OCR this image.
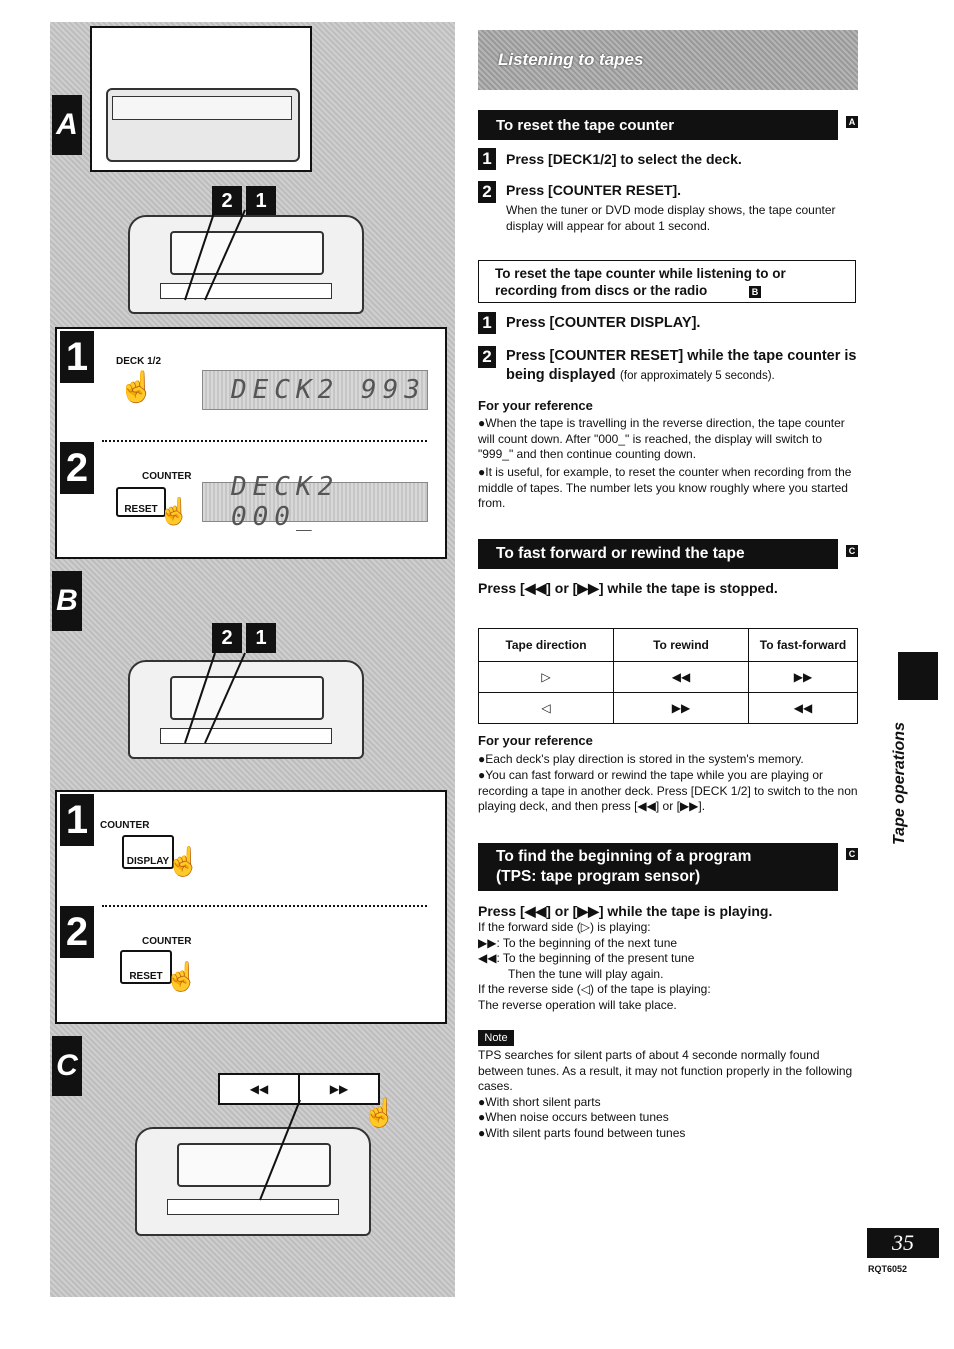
A
2	1
1	DECK 1/2
☝	DECK2 993
2	COUNTER
RESET ☝
DECK2 000_
B
2	1
1	COUNTER
DISPLAY
☝
2	COUNTER
RESET ☝
C
◀◀	▶▶
☝
Listening to tapes
To reset the tape counter	A
1	Press [DECK1/2] to select the deck.
2	Press [COUNTER RESET].
When the tuner or DVD mode display shows, the tape counter display will appear for about 1 second.
To reset the tape counter while listening to or recording from discs or the radio	B
1 Press [COUNTER DISPLAY].
2 Press [COUNTER RESET] while the tape counter is being displayed (for approximately 5 seconds).
For your reference
●When the tape is travelling in the reverse direction, the tape counter will count down. After "000_" is reached, the display will switch to "999_" and then continue counting down.
●It is useful, for example, to reset the counter when recording from the middle of tapes. The number lets you know roughly where you started from.
To fast forward or rewind the tape	C
Press [◀◀] or [▶▶] while the tape is stopped.
Tape direction	To rewind	To fast-forward
▷	◀◀	▶▶
◁	▶▶	◀◀
For your reference
●Each deck's play direction is stored in the system's memory.
●You can fast forward or rewind the tape while you are playing or recording a tape in another deck. Press [DECK 1/2] to switch to the non playing deck, and then press [◀◀] or [▶▶].
To find the beginning of a program
(TPS: tape program sensor)
C
Press [◀◀] or [▶▶] while the tape is playing.
If the forward side (▷) is playing:
▶▶: To the beginning of the next tune
◀◀: To the beginning of the present tune
Then the tune will play again.
If the reverse side (◁) of the tape is playing:
The reverse operation will take place.
Note
TPS searches for silent parts of about 4 seconde normally found between tunes. As a result, it may not function properly in the following cases.
●With short silent parts
●When noise occurs between tunes
●With silent parts found between tunes
Tape operations
35
RQT6052
